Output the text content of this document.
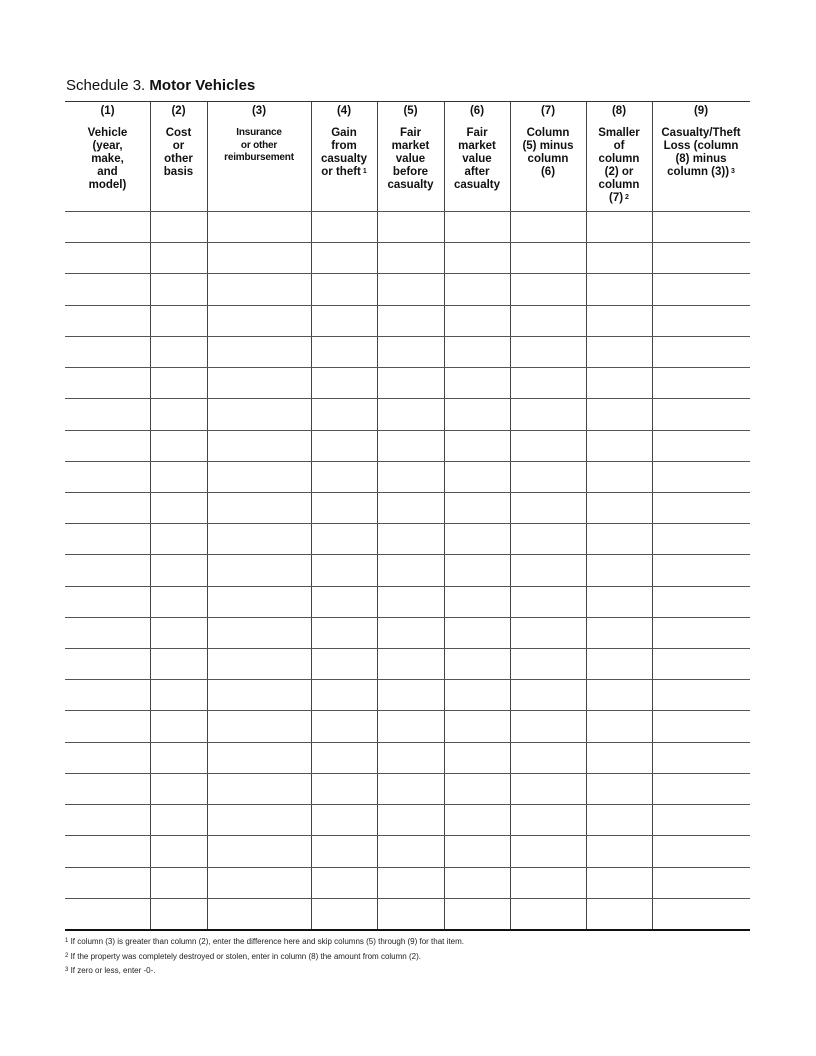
Schedule 3. Motor Vehicles
(1)
Vehicle
(year,
make,
and
model)
(2)
Cost
or
other
basis
(3)
Insurance
or other
reimbursement
(4)
Gain
from
casualty
or theft $^1$
(5)
Fair
market
value
before
casualty
(6)
Fair
market
value
after
casualty
(7)
Column
(5) minus
column
(6)
(8)
Smaller
of
column
(2) or
column
(7) $^2$
(9)
Casualty/Theft
Loss (column
(8) minus
column (3)) $^3$
$^1$ If column (3) is greater than column (2), enter the difference here and skip columns (5) through (9) for that item.
$^2$ If the property was completely destroyed or stolen, enter in column (8) the amount from column (2).
$^3$ If zero or less, enter -0-.
